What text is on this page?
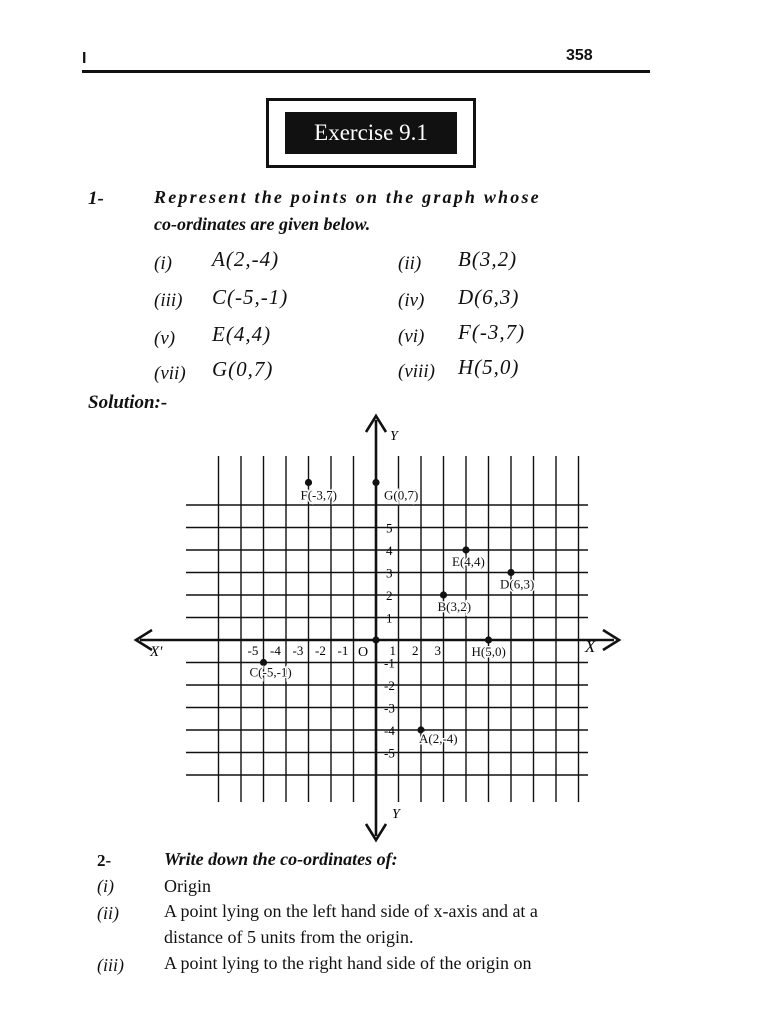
I	358
Exercise 9.1
1-	Represent the points on the graph whose
co-ordinates are given below.
(i) A(2,-4)	(ii) B(3,2)
(iii) C(-5,-1)	(iv) D(6,3)
(v) E(4,4)	(vi) F(-3,7)
(vii) G(0,7)	(viii) H(5,0)
Solution:-
X
X'
Y
Y
O
-5 -4 -3 -2 -1	1 2 3
5
4
3
2
1
-1
-2
-3
-4
-5
A(2,-4)
B(3,2)
C(-5,-1)
D(6,3)
E(4,4)
F(-3,7)	G(0,7)
H(5,0)
2-	Write down the co-ordinates of:
(i)	Origin
(ii)	A point lying on the left hand side of x-axis and at a
distance of 5 units from the origin.
(iii) A point lying to the right hand side of the origin on
